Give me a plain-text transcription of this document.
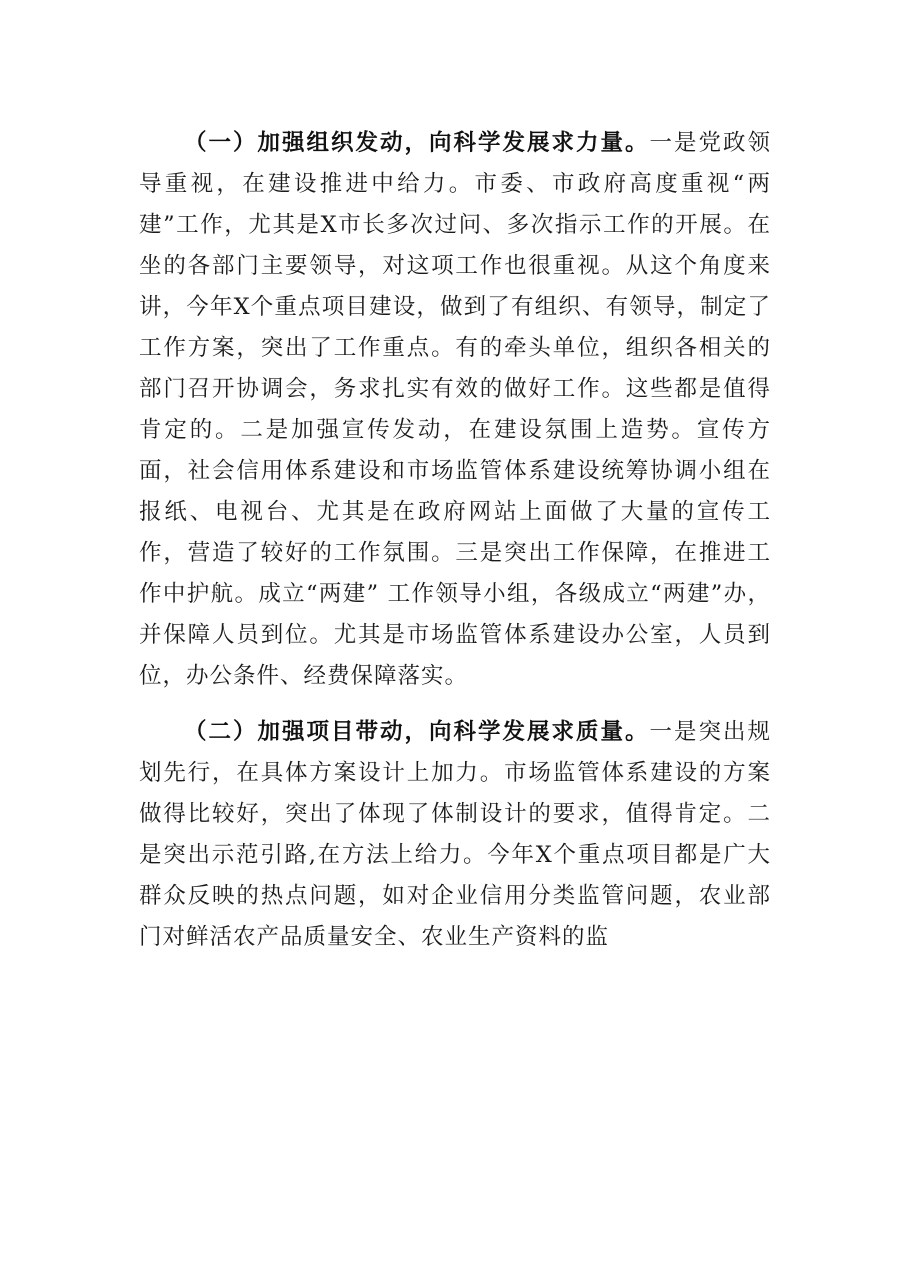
（一）加强组织发动，向科学发展求力量。一是党政领导重视，在建设推进中给力。市委、市政府高度重视“两建”工作，尤其是X市长多次过问、多次指示工作的开展。在坐的各部门主要领导，对这项工作也很重视。从这个角度来讲，今年X个重点项目建设，做到了有组织、有领导，制定了工作方案，突出了工作重点。有的牵头单位，组织各相关的部门召开协调会，务求扎实有效的做好工作。这些都是值得肯定的。二是加强宣传发动，在建设氛围上造势。宣传方面，社会信用体系建设和市场监管体系建设统筹协调小组在报纸、电视台、尤其是在政府网站上面做了大量的宣传工作，营造了较好的工作氛围。三是突出工作保障，在推进工作中护航。成立“两建” 工作领导小组，各级成立“两建”办，并保障人员到位。尤其是市场监管体系建设办公室，人员到位，办公条件、经费保障落实。

（二）加强项目带动，向科学发展求质量。一是突出规划先行，在具体方案设计上加力。市场监管体系建设的方案做得比较好，突出了体现了体制设计的要求，值得肯定。二是突出示范引路,在方法上给力。今年X个重点项目都是广大群众反映的热点问题，如对企业信用分类监管问题，农业部门对鲜活农产品质量安全、农业生产资料的监
